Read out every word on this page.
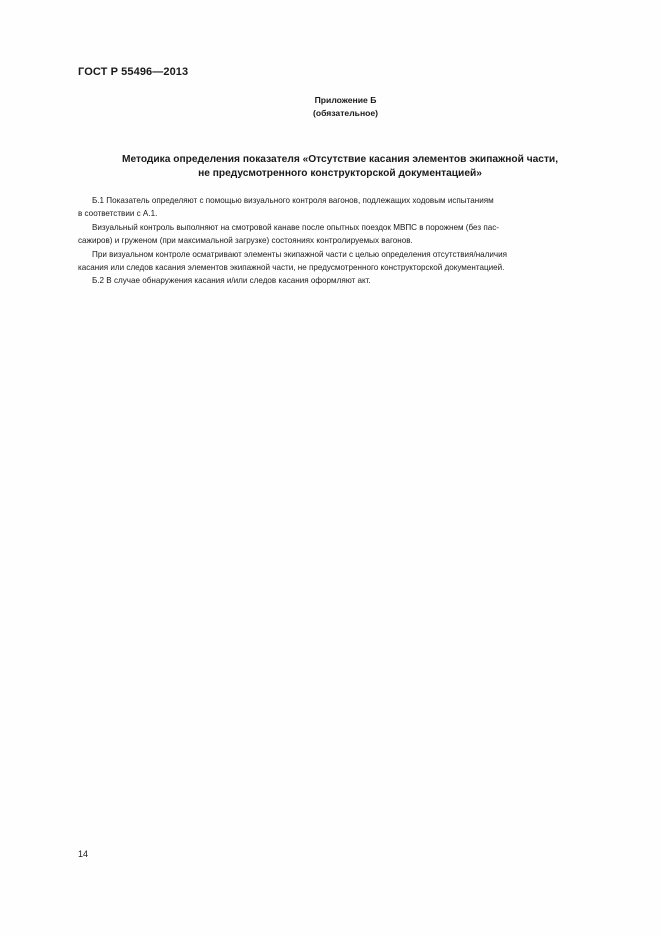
ГОСТ Р 55496—2013
Приложение Б
(обязательное)
Методика определения показателя «Отсутствие касания элементов экипажной части,
не предусмотренного конструкторской документацией»
Б.1 Показатель определяют с помощью визуального контроля вагонов, подлежащих ходовым испытаниям
в соответствии с А.1.
Визуальный контроль выполняют на смотровой канаве после опытных поездок МВПС в порожнем (без пас-
сажиров) и груженом (при максимальной загрузке) состояниях контролируемых вагонов.
При визуальном контроле осматривают элементы экипажной части с целью определения отсутствия/наличия
касания или следов касания элементов экипажной части, не предусмотренного конструкторской документацией.
Б.2 В случае обнаружения касания и/или следов касания оформляют акт.
14
